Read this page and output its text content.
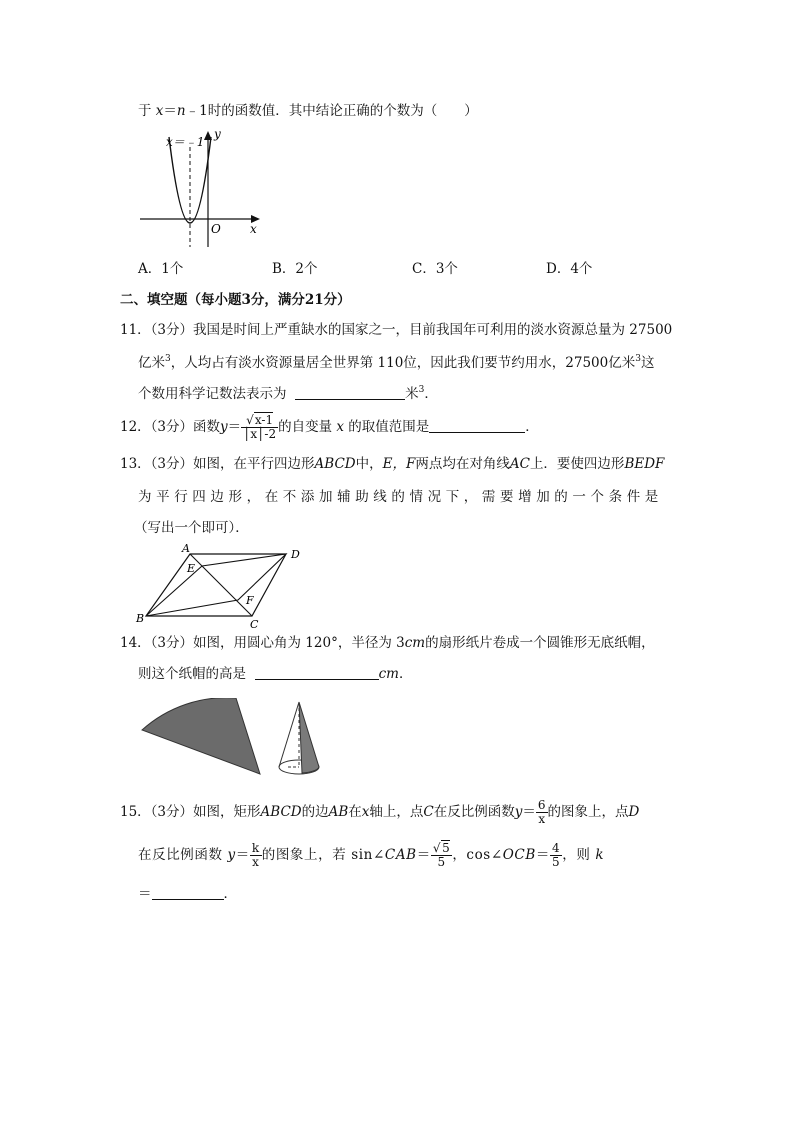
于 x＝n﹣1时的函数值．其中结论正确的个数为（　　）
x＝﹣1
y
x
O
A．1个	B．2个	C．3个	D．4个
二、填空题（每小题3分，满分21分）
11．（3分）我国是时间上严重缺水的国家之一，目前我国年可利用的淡水资源总量为 27500
亿米$^3$，人均占有淡水资源量居全世界第 110位，因此我们要节约用水，27500亿米$^3$这
个数用科学记数法表示为	米$^3$．
12．（3分）函数$y= \frac{√x-1}{│x│-2}$ 的自变量 x 的取值范围是	．
13．（3分）如图，在平行四边形ABCD中，E，F两点均在对角线AC上．要使四边形BEDF
为平行四边形，在不添加辅助线的情况下，需要增加的一个条件是
（写出一个即可）．
A	D
B	C
E
F
14．（3分）如图，用圆心角为 120°，半径为 3cm的扇形纸片卷成一个圆锥形无底纸帽，
则这个纸帽的高是	cm．
15．（3分）如图，矩形ABCD的边AB在x轴上，点C在反比例函数$y= \frac{6}{x}$ 的图象上，点D
在反比例函数 $y= \frac{k}{x}$ 的图象上，若 sin∠CAB＝ $\frac{√5}{5}$ ，cos∠OCB＝ $\frac{4}{5}$ ，则 k
＝	．
